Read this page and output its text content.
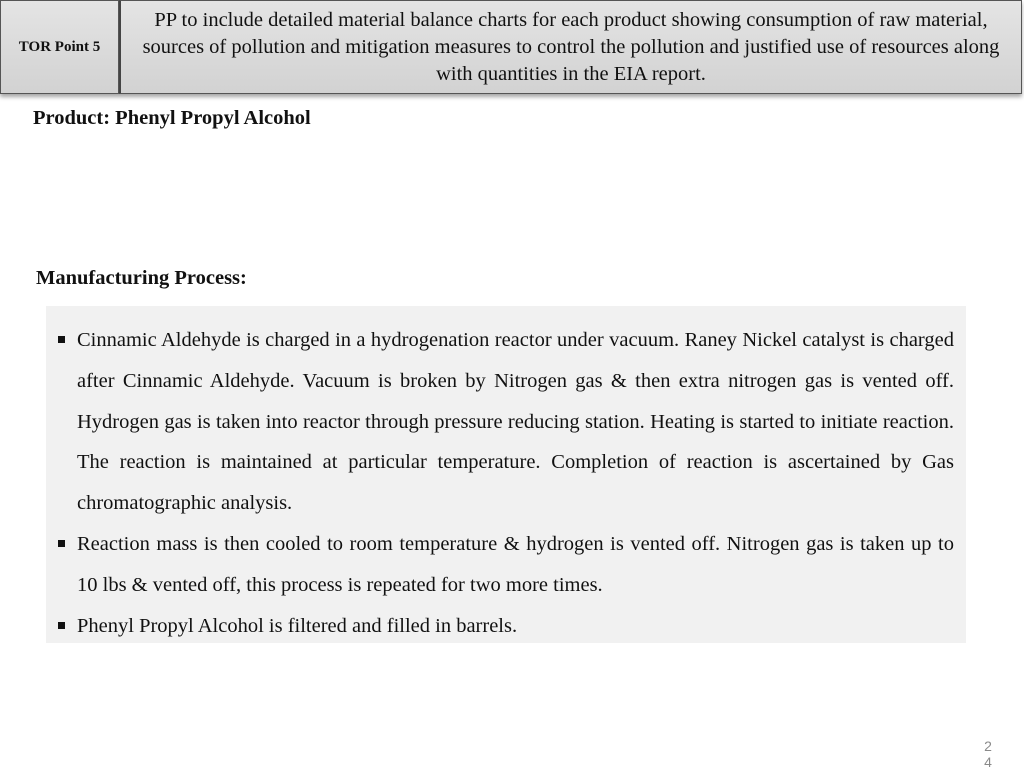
TOR Point 5
PP to include detailed material balance charts for each product showing consumption of raw material, sources of pollution and mitigation measures to control the pollution and justified use of resources along with quantities in the EIA report.
Product: Phenyl Propyl Alcohol
Manufacturing Process:
Cinnamic Aldehyde is charged in a hydrogenation reactor under vacuum. Raney Nickel catalyst is charged after Cinnamic Aldehyde. Vacuum is broken by Nitrogen gas & then extra nitrogen gas is vented off. Hydrogen gas is taken into reactor through pressure reducing station. Heating is started to initiate reaction. The reaction is maintained at particular temperature. Completion of reaction is ascertained by Gas chromatographic analysis.
Reaction mass is then cooled to room temperature & hydrogen is vented off. Nitrogen gas is taken up to 10 lbs & vented off, this process is repeated for two more times.
Phenyl Propyl Alcohol is filtered and filled in barrels.
24
